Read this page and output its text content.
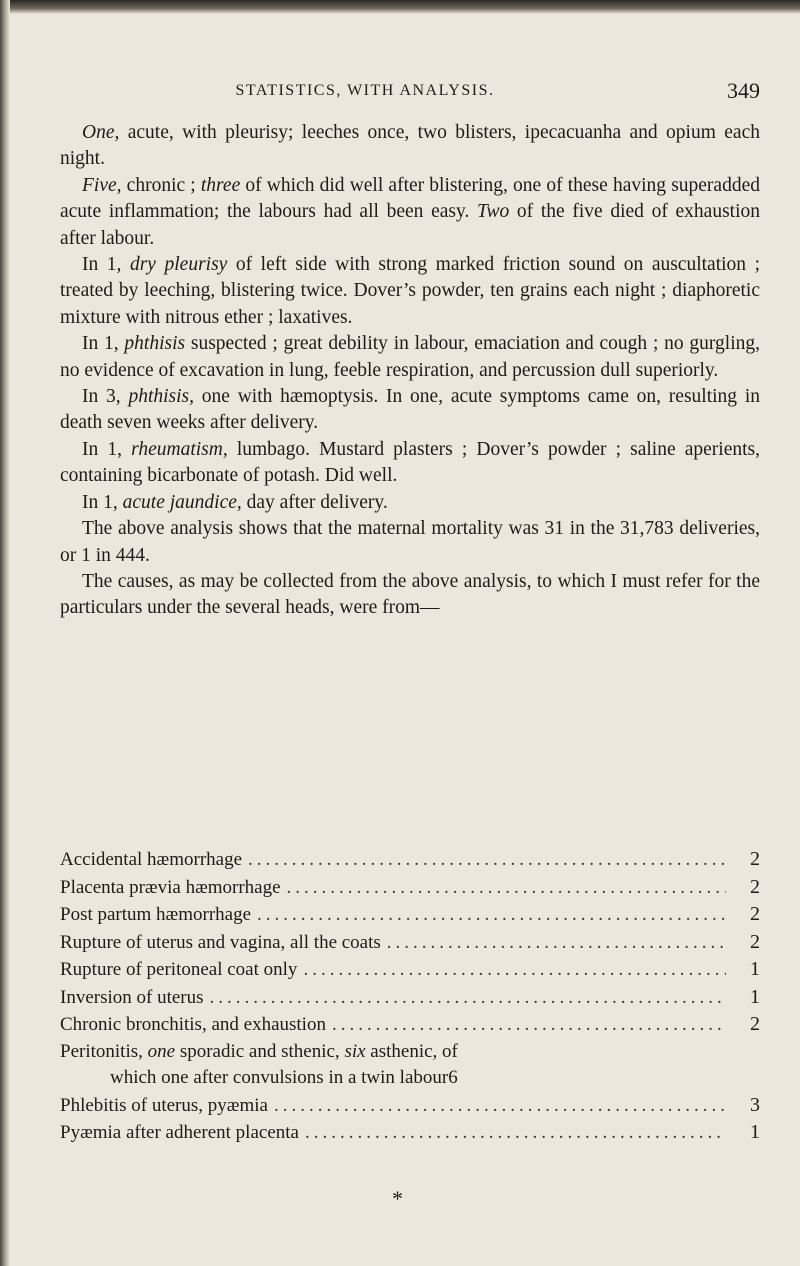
STATISTICS, WITH ANALYSIS.	349

One, acute, with pleurisy; leeches once, two blisters, ipecacuanha and opium each night.

Five, chronic ; three of which did well after blistering, one of these having superadded acute inflammation; the labours had all been easy. Two of the five died of exhaustion after labour.

In 1, dry pleurisy of left side with strong marked friction sound on auscultation ; treated by leeching, blistering twice. Dover’s powder, ten grains each night ; diaphoretic mixture with nitrous ether ; laxatives.

In 1, phthisis suspected ; great debility in labour, emaciation and cough ; no gurgling, no evidence of excavation in lung, feeble respiration, and percussion dull superiorly.

In 3, phthisis, one with hæmoptysis. In one, acute symptoms came on, resulting in death seven weeks after delivery.

In 1, rheumatism, lumbago. Mustard plasters ; Dover’s powder ; saline aperients, containing bicarbonate of potash. Did well.

In 1, acute jaundice, day after delivery.

The above analysis shows that the maternal mortality was 31 in the 31,783 deliveries, or 1 in 444.

The causes, as may be collected from the above analysis, to which I must refer for the particulars under the several heads, were from—

Accidental hæmorrhage .....	2
Placenta prævia hæmorrhage .....	2
Post partum hæmorrhage .....	2
Rupture of uterus and vagina, all the coats .....	2
Rupture of peritoneal coat only .....	1
Inversion of uterus .....	1
Chronic bronchitis, and exhaustion .....	2
Peritonitis, one sporadic and sthenic, six asthenic, of
which one after convulsions in a twin labour 6
Phlebitis of uterus, pyæmia .....	3
Pyæmia after adherent placenta .....	1
*
